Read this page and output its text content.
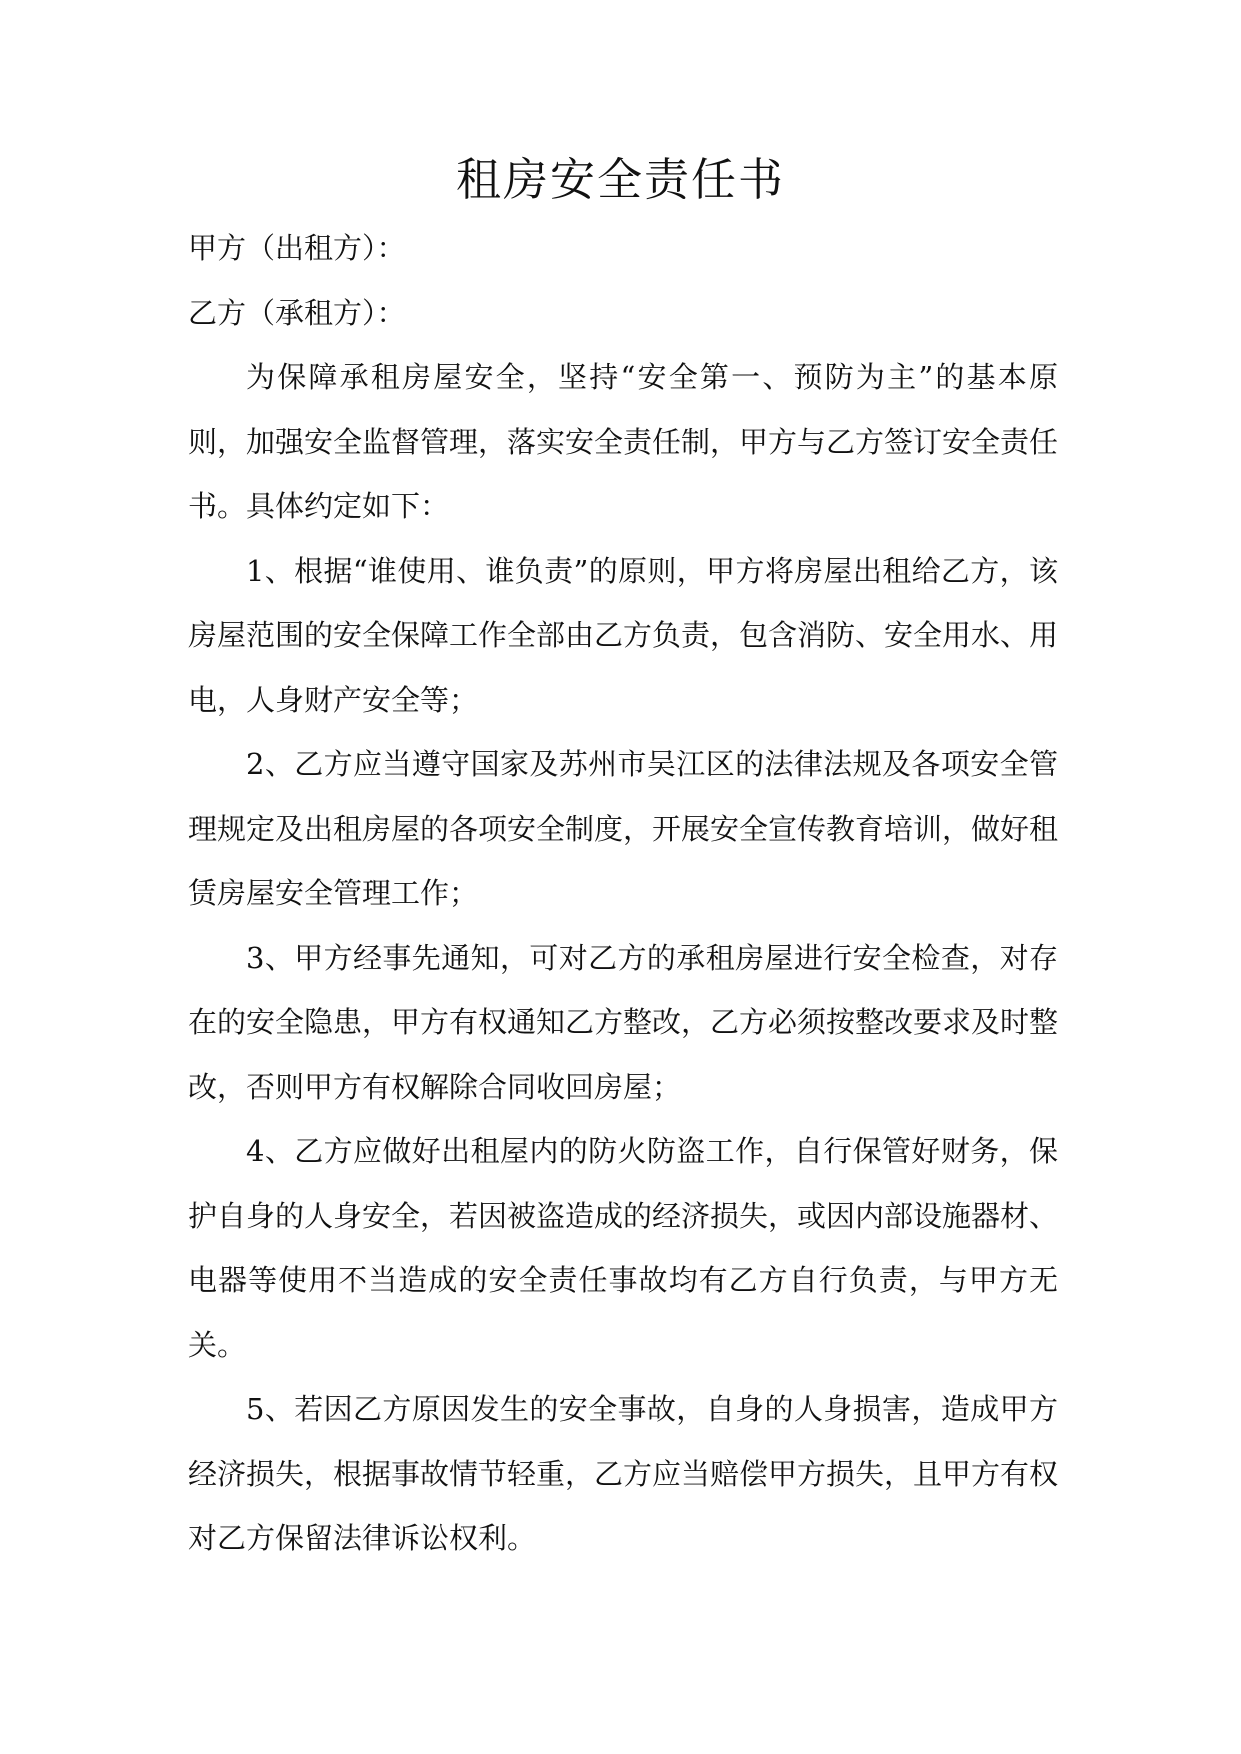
租房安全责任书

甲方（出租方）：

乙方（承租方）：

为保障承租房屋安全，坚持“安全第一、预防为主”的基本原则，加强安全监督管理，落实安全责任制，甲方与乙方签订安全责任书。具体约定如下：

1、根据“谁使用、谁负责”的原则，甲方将房屋出租给乙方，该房屋范围的安全保障工作全部由乙方负责，包含消防、安全用水、用电，人身财产安全等；

2、乙方应当遵守国家及苏州市吴江区的法律法规及各项安全管理规定及出租房屋的各项安全制度，开展安全宣传教育培训，做好租赁房屋安全管理工作；

3、甲方经事先通知，可对乙方的承租房屋进行安全检查，对存在的安全隐患，甲方有权通知乙方整改，乙方必须按整改要求及时整改，否则甲方有权解除合同收回房屋；

4、乙方应做好出租屋内的防火防盗工作，自行保管好财务，保护自身的人身安全，若因被盗造成的经济损失，或因内部设施器材、电器等使用不当造成的安全责任事故均有乙方自行负责，与甲方无关。

5、若因乙方原因发生的安全事故，自身的人身损害，造成甲方经济损失，根据事故情节轻重，乙方应当赔偿甲方损失，且甲方有权对乙方保留法律诉讼权利。
